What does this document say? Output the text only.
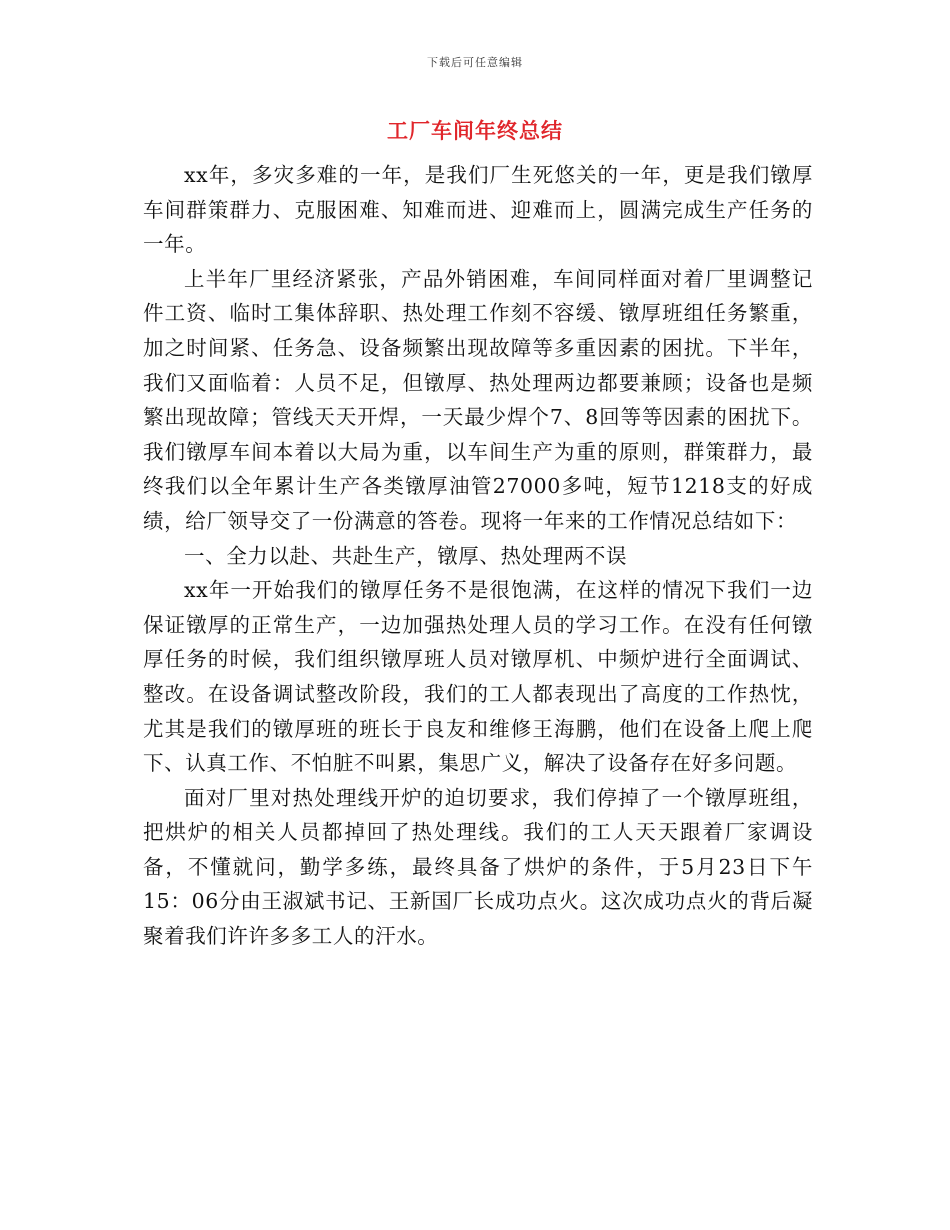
下载后可任意编辑
工厂车间年终总结

xx年，多灾多难的一年，是我们厂生死悠关的一年，更是我们镦厚车间群策群力、克服困难、知难而进、迎难而上，圆满完成生产任务的一年。

上半年厂里经济紧张，产品外销困难，车间同样面对着厂里调整记件工资、临时工集体辞职、热处理工作刻不容缓、镦厚班组任务繁重，加之时间紧、任务急、设备频繁出现故障等多重因素的困扰。下半年，我们又面临着：人员不足，但镦厚、热处理两边都要兼顾；设备也是频繁出现故障；管线天天开焊，一天最少焊个7、8回等等因素的困扰下。我们镦厚车间本着以大局为重，以车间生产为重的原则，群策群力，最终我们以全年累计生产各类镦厚油管27000多吨，短节1218支的好成绩，给厂领导交了一份满意的答卷。现将一年来的工作情况总结如下：

一、全力以赴、共赴生产，镦厚、热处理两不误

xx年一开始我们的镦厚任务不是很饱满，在这样的情况下我们一边保证镦厚的正常生产，一边加强热处理人员的学习工作。在没有任何镦厚任务的时候，我们组织镦厚班人员对镦厚机、中频炉进行全面调试、整改。在设备调试整改阶段，我们的工人都表现出了高度的工作热忱，尤其是我们的镦厚班的班长于良友和维修王海鹏，他们在设备上爬上爬下、认真工作、不怕脏不叫累，集思广义，解决了设备存在好多问题。

面对厂里对热处理线开炉的迫切要求，我们停掉了一个镦厚班组，把烘炉的相关人员都掉回了热处理线。我们的工人天天跟着厂家调设备，不懂就问，勤学多练，最终具备了烘炉的条件，于5月23日下午15：06分由王淑斌书记、王新国厂长成功点火。这次成功点火的背后凝聚着我们许许多多工人的汗水。
